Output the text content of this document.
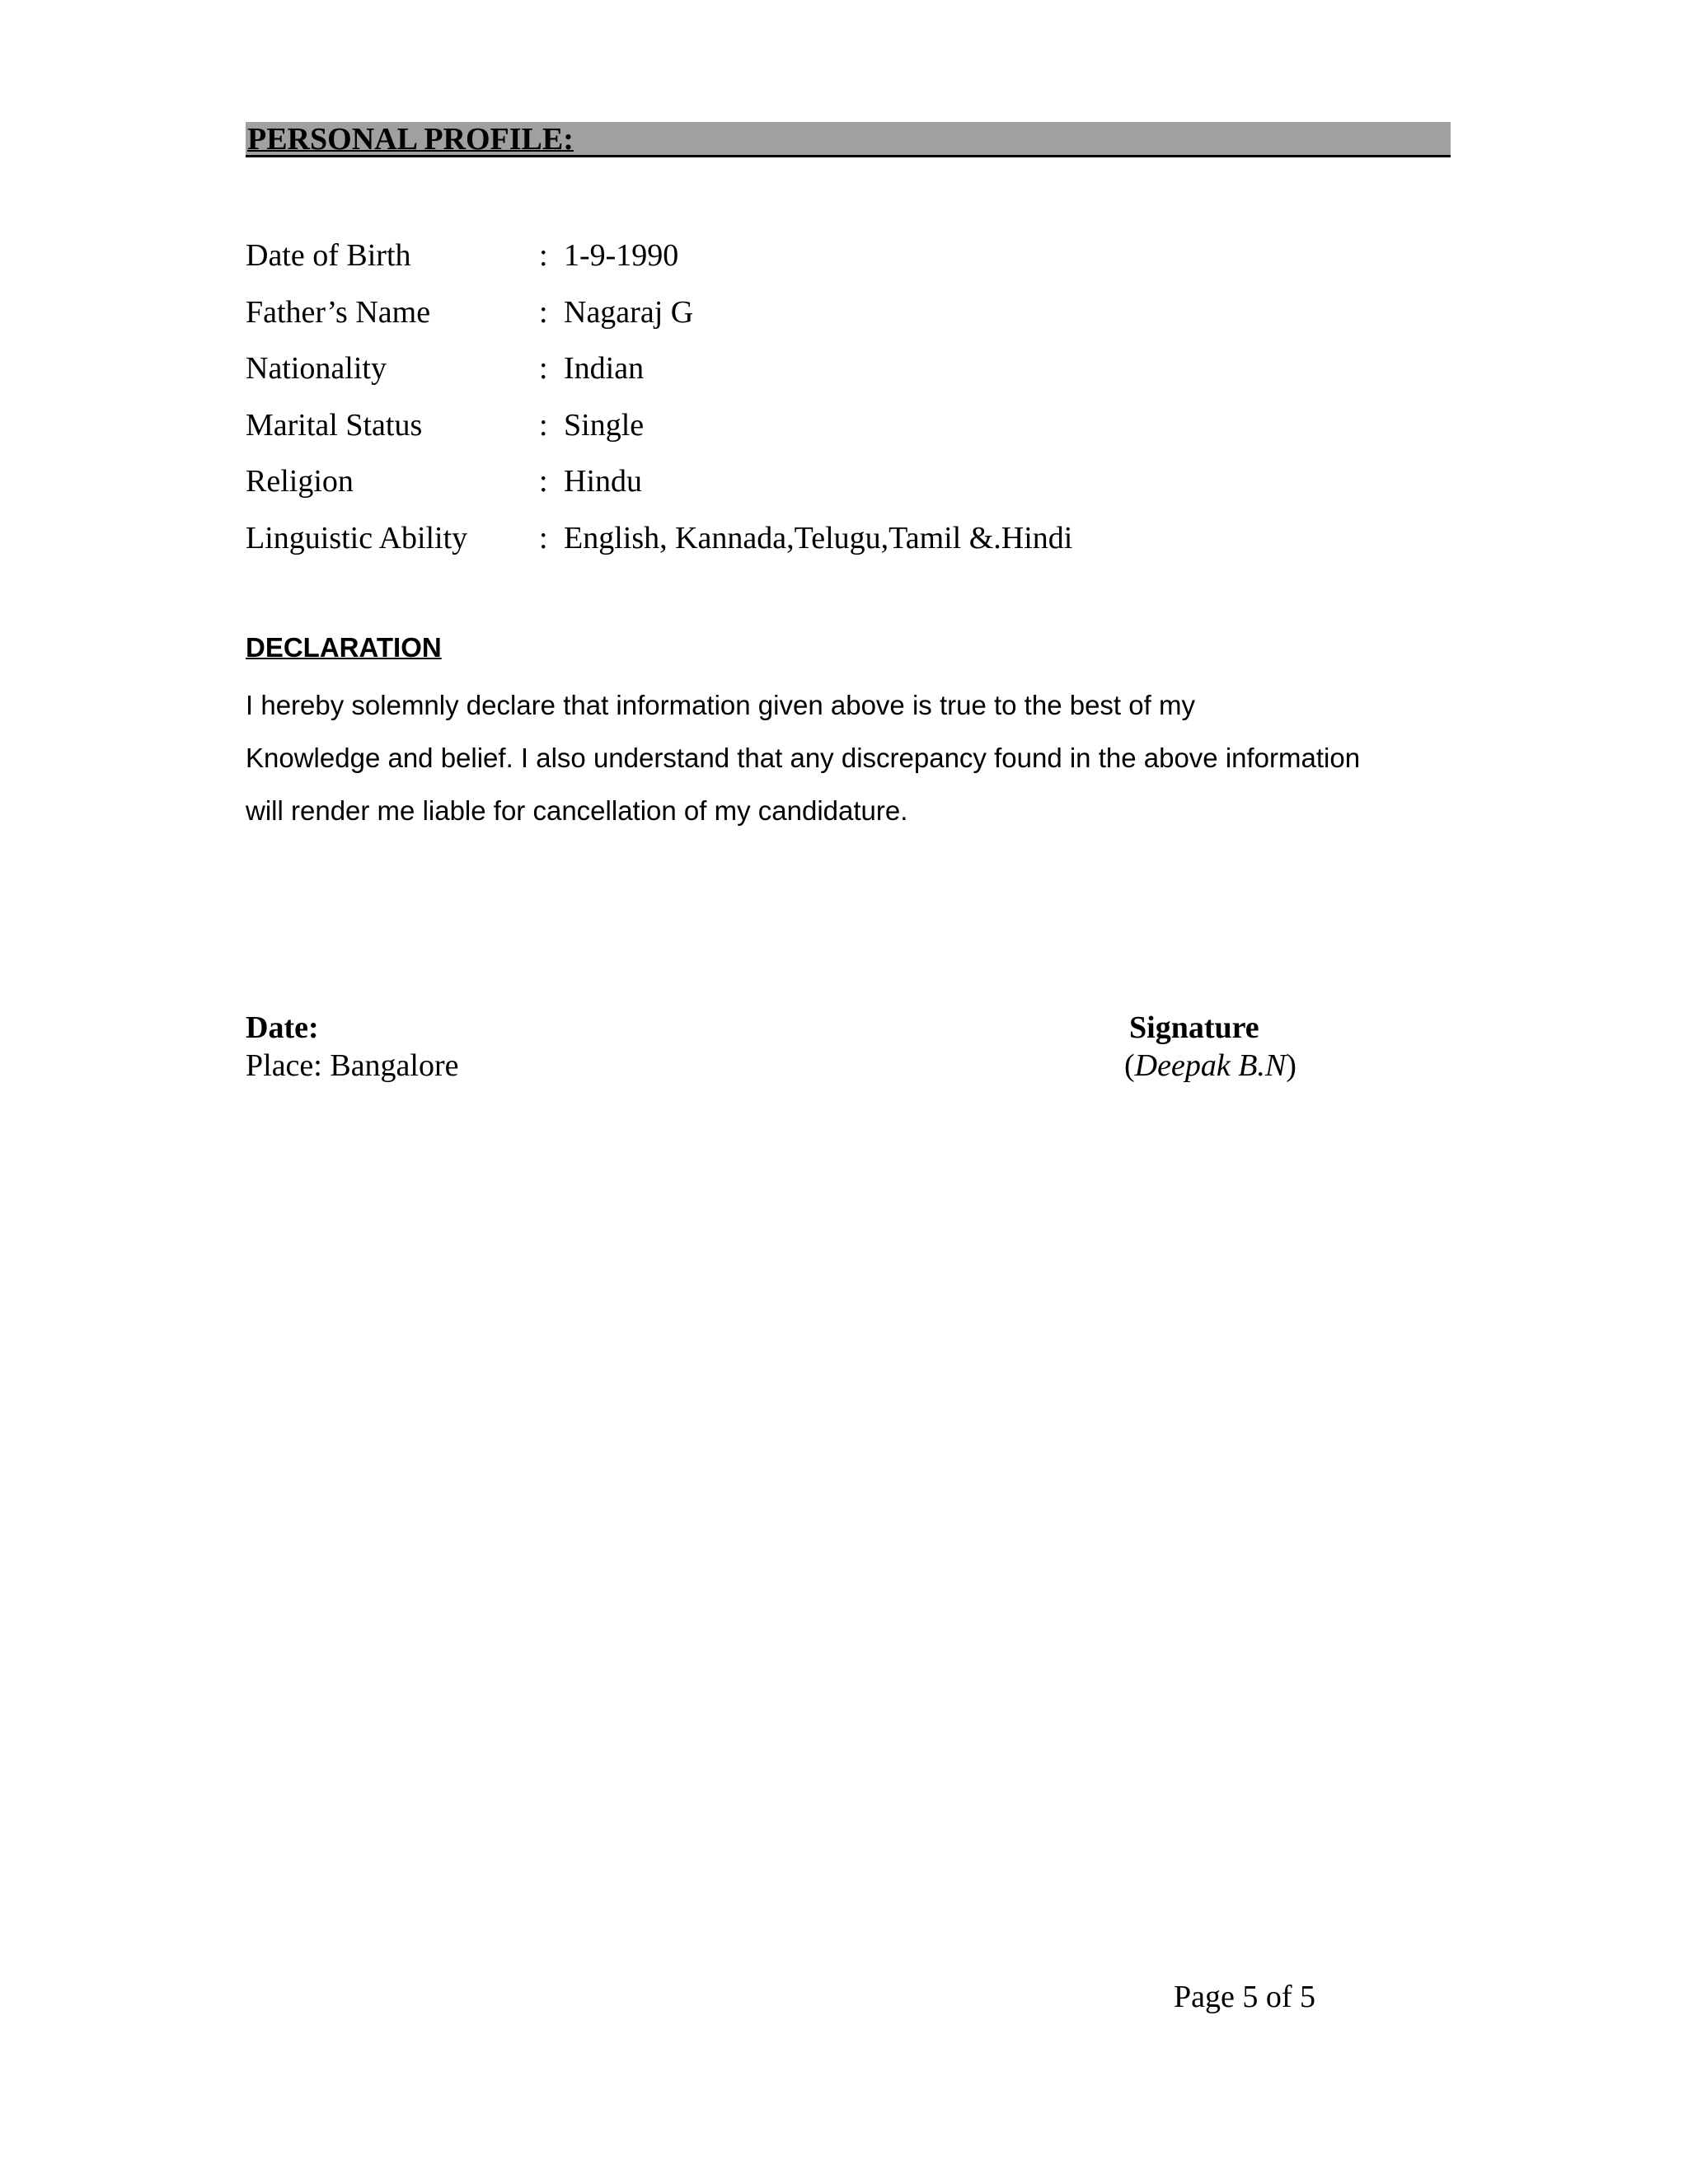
PERSONAL PROFILE:
Date of Birth	: 1-9-1990
Father’s Name	: Nagaraj G
Nationality	: Indian
Marital Status	: Single
Religion	: Hindu
Linguistic Ability : English, Kannada,Telugu,Tamil &.Hindi
DECLARATION
I hereby solemnly declare that information given above is true to the best of my
Knowledge and belief. I also understand that any discrepancy found in the above information
will render me liable for cancellation of my candidature.
Date:
Place: Bangalore
Signature
(Deepak B.N)
Page 5 of 5
